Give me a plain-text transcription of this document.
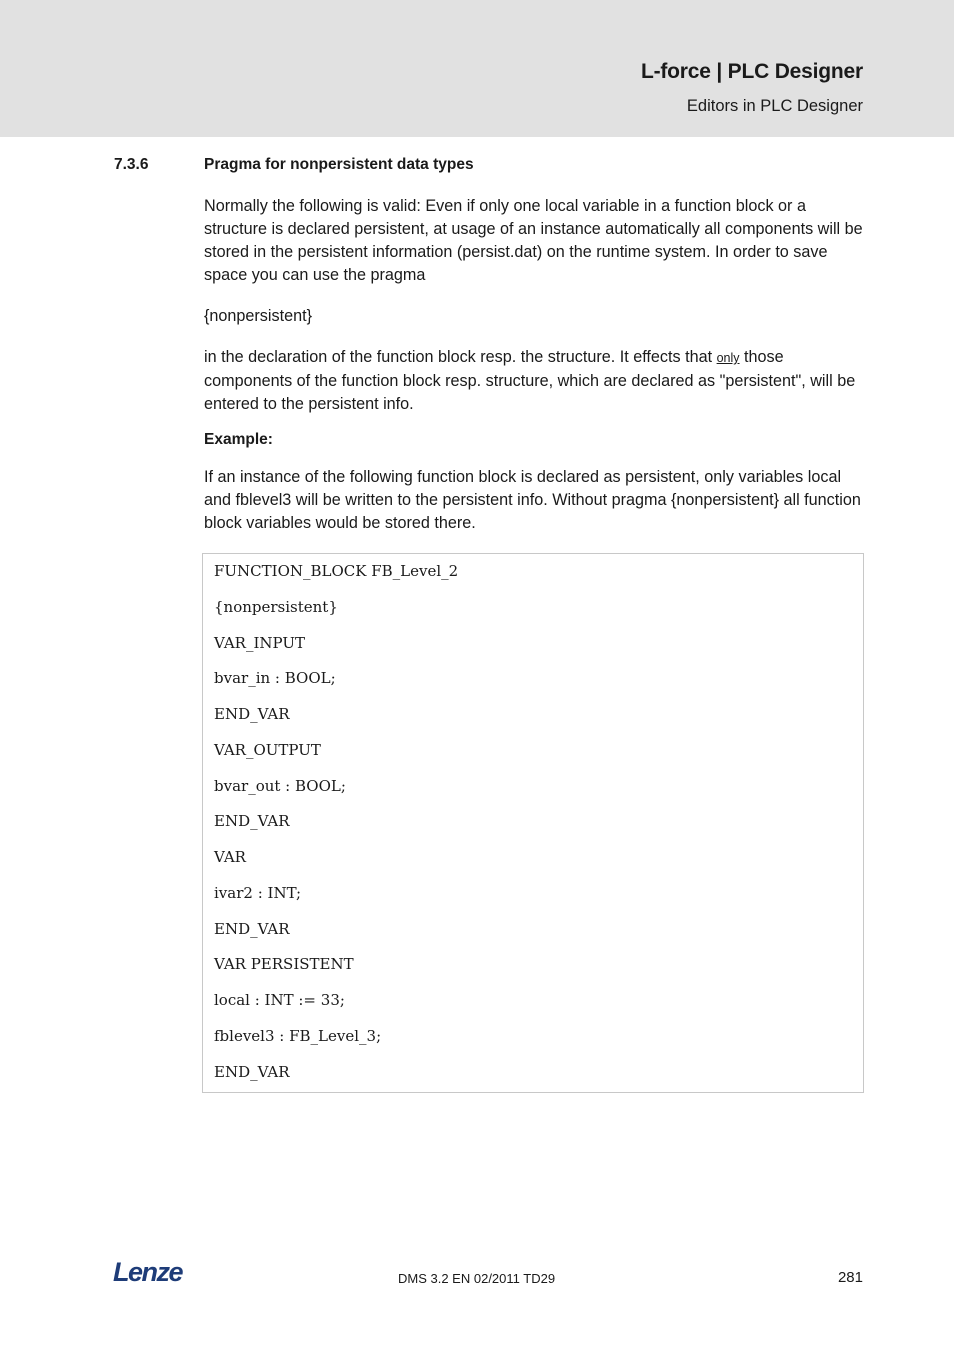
L-force | PLC Designer
Editors in PLC Designer
7.3.6	Pragma for nonpersistent data types
Normally the following is valid: Even if only one local variable in a function block or a structure is declared persistent, at usage of an instance automatically all components will be stored in the persistent information (persist.dat) on the runtime system. In order to save space you can use the pragma
{nonpersistent}
in the declaration of the function block resp. the structure. It effects that only those components of the function block resp. structure, which are declared as "persistent", will be entered to the persistent info.
Example:
If an instance of the following function block is declared as persistent, only variables local and fblevel3 will be written to the persistent info. Without pragma {nonpersistent} all function block variables would be stored there.
FUNCTION_BLOCK FB_Level_2
{nonpersistent}
VAR_INPUT
bvar_in : BOOL;
END_VAR
VAR_OUTPUT
bvar_out : BOOL;
END_VAR
VAR
ivar2 : INT;
END_VAR
VAR PERSISTENT
local : INT := 33;
fblevel3 : FB_Level_3;
END_VAR
Lenze	DMS 3.2 EN 02/2011 TD29	281
